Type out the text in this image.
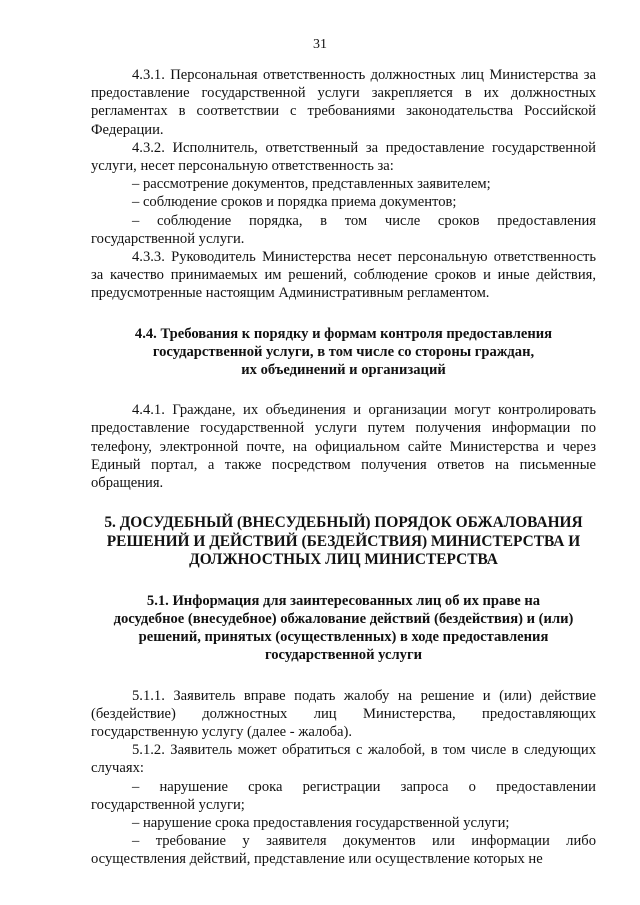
31

4.3.1. Персональная ответственность должностных лиц Министерства за предоставление государственной услуги закрепляется в их должностных регламентах в соответствии с требованиями законодательства Российской Федерации.

4.3.2. Исполнитель, ответственный за предоставление государственной услуги, несет персональную ответственность за:

– рассмотрение документов, представленных заявителем;

– соблюдение сроков и порядка приема документов;

– соблюдение порядка, в том числе сроков предоставления государственной услуги.

4.3.3. Руководитель Министерства несет персональную ответственность за качество принимаемых им решений, соблюдение сроков и иные действия, предусмотренные настоящим Административным регламентом.

4.4. Требования к порядку и формам контроля предоставления
государственной услуги, в том числе со стороны граждан,
их объединений и организаций

4.4.1. Граждане, их объединения и организации могут контролировать предоставление государственной услуги путем получения информации по телефону, электронной почте, на официальном сайте Министерства и через Единый портал, а также посредством получения ответов на письменные обращения.

5. ДОСУДЕБНЫЙ (ВНЕСУДЕБНЫЙ) ПОРЯДОК ОБЖАЛОВАНИЯ
РЕШЕНИЙ И ДЕЙСТВИЙ (БЕЗДЕЙСТВИЯ) МИНИСТЕРСТВА И
ДОЛЖНОСТНЫХ ЛИЦ МИНИСТЕРСТВА
5.1. Информация для заинтересованных лиц об их праве на
досудебное (внесудебное) обжалование действий (бездействия) и (или)
решений, принятых (осуществленных) в ходе предоставления
государственной услуги

5.1.1. Заявитель вправе подать жалобу на решение и (или) действие (бездействие) должностных лиц Министерства, предоставляющих государственную услугу (далее - жалоба).

5.1.2. Заявитель может обратиться с жалобой, в том числе в следующих случаях:

– нарушение срока регистрации запроса о предоставлении государственной услуги;

– нарушение срока предоставления государственной услуги;

– требование у заявителя документов или информации либо осуществления действий, представление или осуществление которых не
